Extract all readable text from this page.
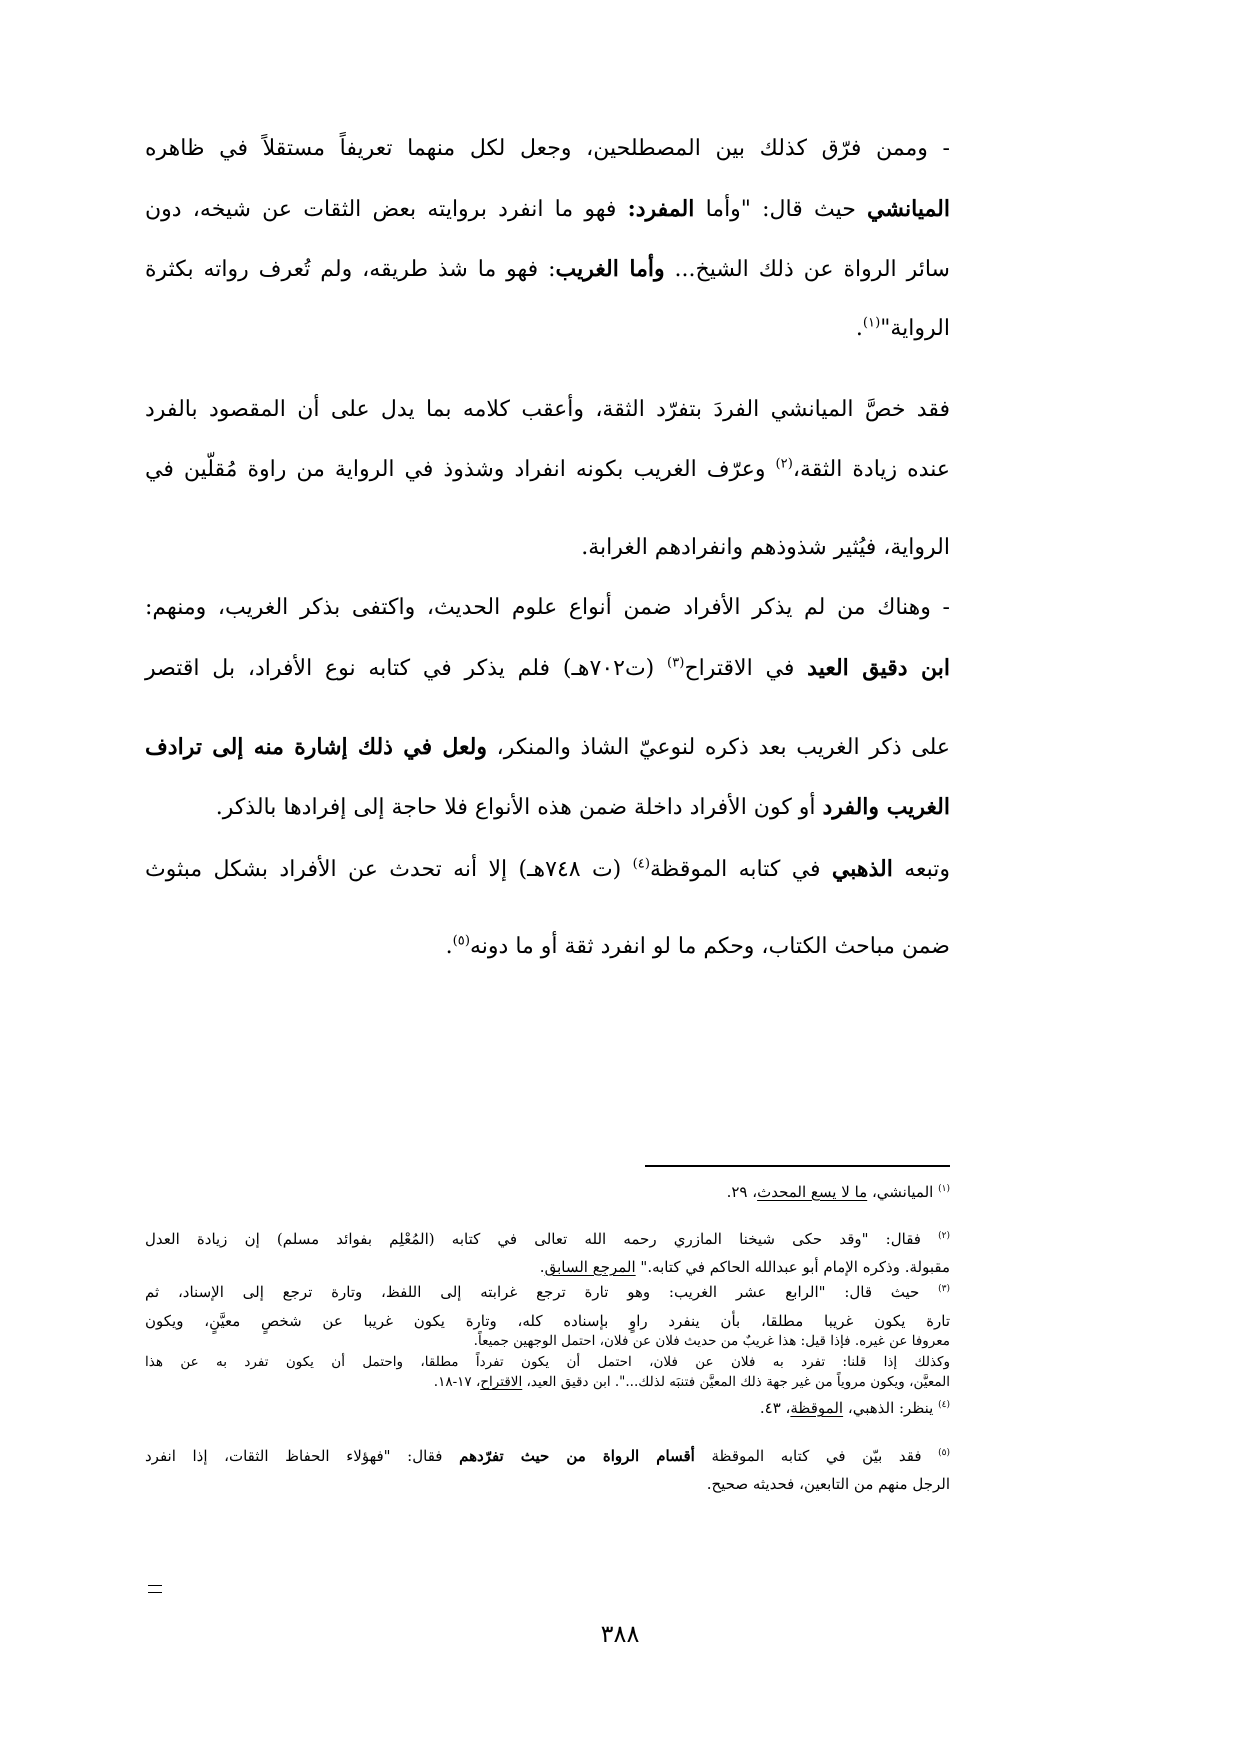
- وممن فرّق كذلك بين المصطلحين، وجعل لكل منهما تعريفاً مستقلاً في ظاهره
الميانشي حيث قال: "وأما المفرد: فهو ما انفرد بروايته بعض الثقات عن شيخه، دون
سائر الرواة عن ذلك الشيخ... وأما الغريب: فهو ما شذ طريقه، ولم تُعرف رواته بكثرة
الرواية"$^{(١)}$.
فقد خصَّ الميانشي الفردَ بتفرّد الثقة، وأعقب كلامه بما يدل على أن المقصود بالفرد
عنده زيادة الثقة،$^{(٢)}$ وعرّف الغريب بكونه انفراد وشذوذ في الرواية من راوة مُقلّين في
الرواية، فيُثير شذوذهم وانفرادهم الغرابة.
- وهناك من لم يذكر الأفراد ضمن أنواع علوم الحديث، واكتفى بذكر الغريب، ومنهم:
ابن دقيق العيد في الاقتراح$^{(٣)}$ (ت٧٠٢هـ) فلم يذكر في كتابه نوع الأفراد، بل اقتصر
على ذكر الغريب بعد ذكره لنوعيّ الشاذ والمنكر، ولعل في ذلك إشارة منه إلى ترادف
الغريب والفرد أو كون الأفراد داخلة ضمن هذه الأنواع فلا حاجة إلى إفرادها بالذكر.
وتبعه الذهبي في كتابه الموقظة$^{(٤)}$ (ت ٧٤٨هـ) إلا أنه تحدث عن الأفراد بشكل مبثوث
ضمن مباحث الكتاب، وحكم ما لو انفرد ثقة أو ما دونه$^{(٥)}$.
$^{(١)}$ الميانشي، ما لا يسع المحدث، ٢٩.
$^{(٢)}$ فقال: "وقد حكى شيخنا المازري رحمه الله تعالى في كتابه (المُعْلِم بفوائد مسلم) إن زيادة العدل
مقبولة. وذكره الإمام أبو عبدالله الحاكم في كتابه." المرجع السابق.
$^{(٣)}$ حيث قال: "الرابع عشر الغريب: وهو تارة ترجع غرابته إلى اللفظ، وتارة ترجع إلى الإسناد، ثم
تارة يكون غريبا مطلقا، بأن ينفرد راوٍ بإسناده كله، وتارة يكون غريبا عن شخصٍ معيَّنٍ، ويكون
معروفا عن غيره. فإذا قيل: هذا غريبٌ من حديث فلان عن فلان، احتمل الوجهين جميعاً.
وكذلك إذا قلنا: تفرد به فلان عن فلان، احتمل أن يكون تفرداً مطلقا، واحتمل أن يكون تفرد به عن هذا
المعيَّن، ويكون مروياً من غير جهة ذلك المعيَّن فتنبَه لذلك...". ابن دقيق العيد، الاقتراح، ١٧-١٨.
$^{(٤)}$ ينظر: الذهبي، الموقظة، ٤٣.
$^{(٥)}$ فقد بيّن في كتابه الموقظة أقسام الرواة من حيث تفرّدهم فقال: "فهؤلاء الحفاظ الثقات، إذا انفرد
الرجل منهم من التابعين، فحديثه صحيح.
٣٨٨
